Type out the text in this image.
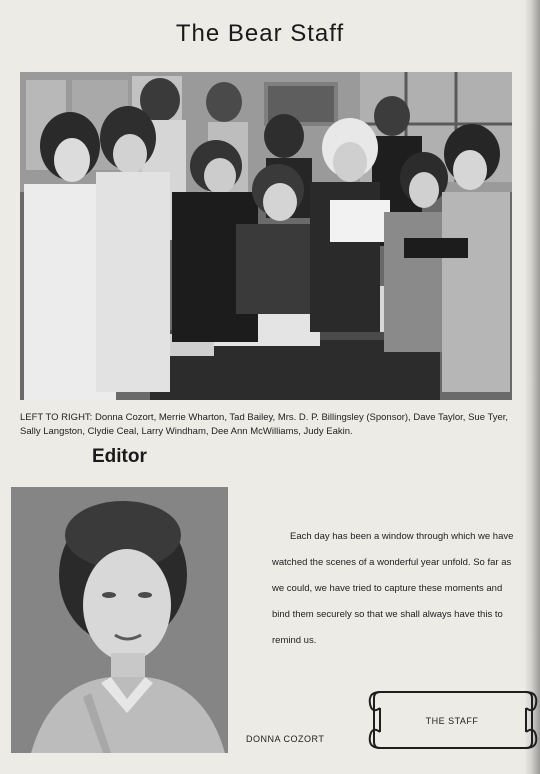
The Bear Staff
LEFT TO RIGHT: Donna Cozort, Merrie Wharton, Tad Bailey, Mrs. D. P. Billingsley (Sponsor), Dave Taylor, Sue Tyer, Sally Langston, Clydie Ceal, Larry Windham, Dee Ann McWilliams, Judy Eakin.
Editor
DONNA COZORT
Each day has been a window through which we have
watched the scenes of a wonderful year unfold. So far as
we could, we have tried to capture these moments and
bind them securely so that we shall always have this to
remind us.
THE STAFF
